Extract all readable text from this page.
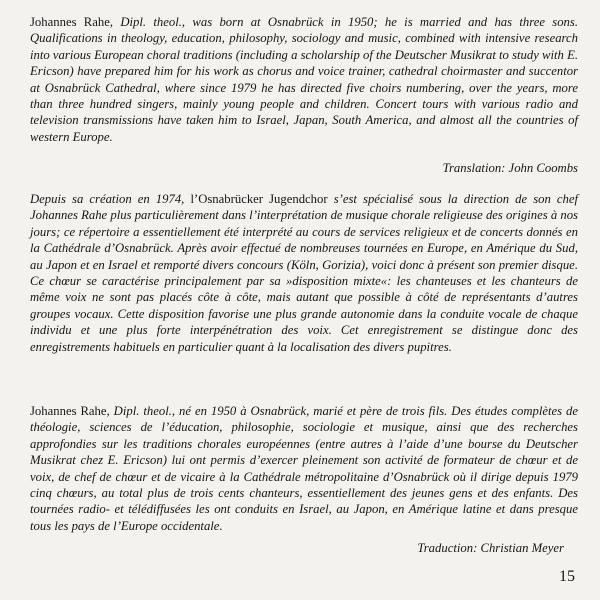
Johannes Rahe, Dipl. theol., was born at Osnabrück in 1950; he is married and has three sons. Qualifications in theology, education, philosophy, sociology and music, combined with intensive research into various European choral traditions (including a scholarship of the Deutscher Musikrat to study with E. Ericson) have prepared him for his work as chorus and voice trainer, cathedral choirmaster and succentor at Osnabrück Cathedral, where since 1979 he has directed five choirs numbering, over the years, more than three hundred singers, mainly young people and children. Concert tours with various radio and television transmissions have taken him to Israel, Japan, South America, and almost all the countries of western Europe.

Translation: John Coombs

Depuis sa création en 1974, l’Osnabrücker Jugendchor s’est spécialisé sous la direction de son chef Johannes Rahe plus particulièrement dans l’interprétation de musique chorale religieuse des origines à nos jours; ce répertoire a essentiellement été interprété au cours de services religieux et de concerts donnés en la Cathédrale d’Osnabrück. Après avoir effectué de nombreuses tournées en Europe, en Amérique du Sud, au Japon et en Israel et remporté divers concours (Köln, Gorizia), voici donc à présent son premier disque. Ce chœur se caractérise principalement par sa »disposition mixte«: les chanteuses et les chanteurs de même voix ne sont pas placés côte à côte, mais autant que possible à côté de représentants d’autres groupes vocaux. Cette disposition favorise une plus grande autonomie dans la conduite vocale de chaque individu et une plus forte interpénétration des voix. Cet enregistrement se distingue donc des enregistrements habituels en particulier quant à la localisation des divers pupitres.

Johannes Rahe, Dipl. theol., né en 1950 à Osnabrück, marié et père de trois fils. Des études complètes de théologie, sciences de l’éducation, philosophie, sociologie et musique, ainsi que des recherches approfondies sur les traditions chorales européennes (entre autres à l’aide d’une bourse du Deutscher Musikrat chez E. Ericson) lui ont permis d’exercer pleinement son activité de formateur de chœur et de voix, de chef de chœur et de vicaire à la Cathédrale métropolitaine d’Osnabrück où il dirige depuis 1979 cinq chœurs, au total plus de trois cents chanteurs, essentiellement des jeunes gens et des enfants. Des tournées radio- et télédiffusées les ont conduits en Israel, au Japon, en Amérique latine et dans presque tous les pays de l’Europe occidentale.

Traduction: Christian Meyer

15
